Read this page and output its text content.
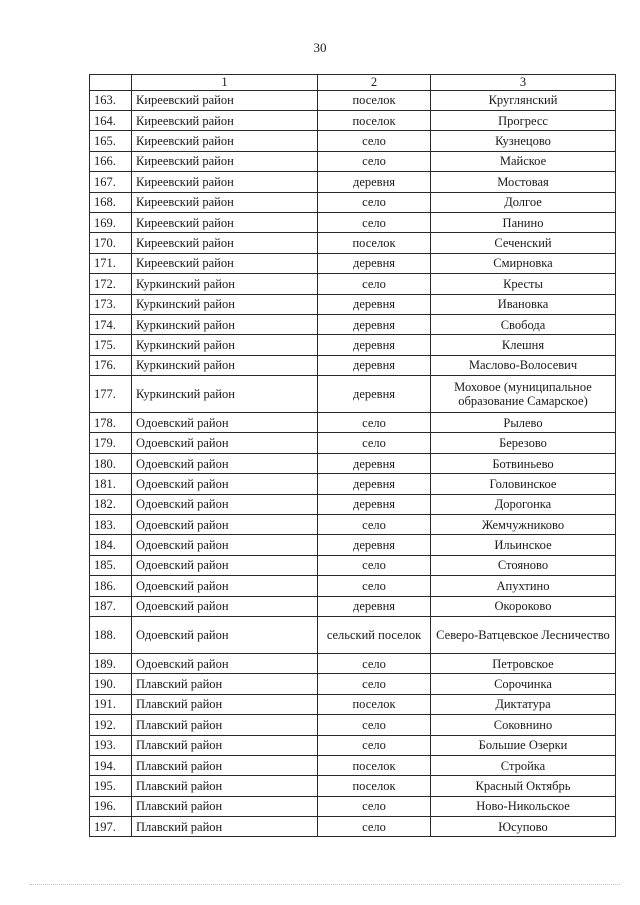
30
	1	2	3
163.	Киреевский район	поселок	Круглянский
164.	Киреевский район	поселок	Прогресс
165.	Киреевский район	село	Кузнецово
166.	Киреевский район	село	Майское
167.	Киреевский район	деревня	Мостовая
168.	Киреевский район	село	Долгое
169.	Киреевский район	село	Панино
170.	Киреевский район	поселок	Сеченский
171.	Киреевский район	деревня	Смирновка
172.	Куркинский район	село	Кресты
173.	Куркинский район	деревня	Ивановка
174.	Куркинский район	деревня	Свобода
175.	Куркинский район	деревня	Клешня
176.	Куркинский район	деревня	Маслово-Волосевич
177.	Куркинский район	деревня	Моховое (муниципальное образование Самарское)
178.	Одоевский район	село	Рылево
179.	Одоевский район	село	Березово
180.	Одоевский район	деревня	Ботвиньево
181.	Одоевский район	деревня	Головинское
182.	Одоевский район	деревня	Дорогонка
183.	Одоевский район	село	Жемчужниково
184.	Одоевский район	деревня	Ильинское
185.	Одоевский район	село	Стояново
186.	Одоевский район	село	Апухтино
187.	Одоевский район	деревня	Окороково
188.	Одоевский район	сельский поселок	Северо-Ватцевское Лесничество
189.	Одоевский район	село	Петровское
190.	Плавский район	село	Сорочинка
191.	Плавский район	поселок	Диктатура
192.	Плавский район	село	Соковнино
193.	Плавский район	село	Большие Озерки
194.	Плавский район	поселок	Стройка
195.	Плавский район	поселок	Красный Октябрь
196.	Плавский район	село	Ново-Никольское
197.	Плавский район	село	Юсупово
